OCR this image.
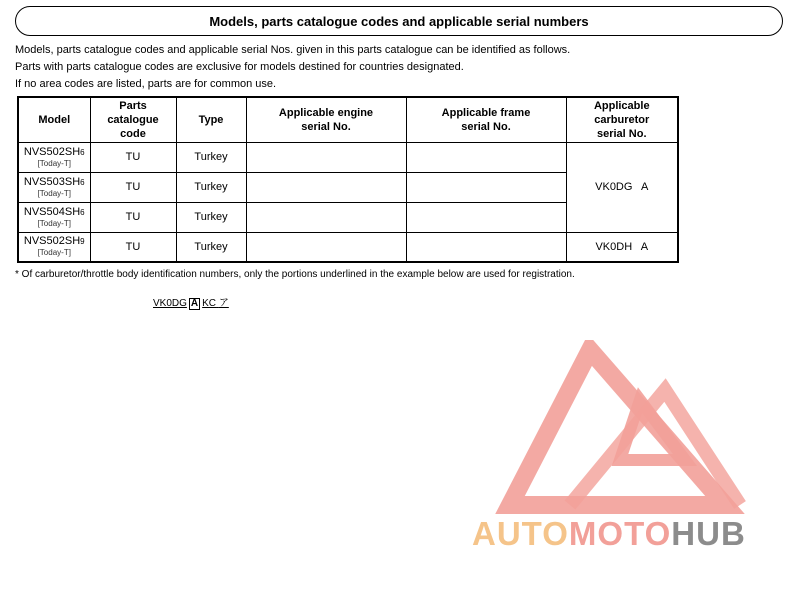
Models, parts catalogue codes and applicable serial numbers
Models, parts catalogue codes and applicable serial Nos. given in this parts catalogue can be identified as follows.
Parts with parts catalogue codes are exclusive for models destined for countries designated.
If no area codes are listed, parts are for common use.
Model	Parts catalogue code	Type	Applicable engine serial No.	Applicable frame serial No.	Applicable carburetor serial No.

NVS502SH6
[Today-T]	TU	Turkey			VK0DG   A

NVS503SH6
[Today-T]	TU	Turkey			

NVS504SH6
[Today-T]	TU	Turkey			

NVS502SH9
[Today-T]	TU	Turkey			VK0DH   A
* Of carburetor/throttle body identification numbers, only the portions underlined in the example below are used for registration.
VK0DG A KC ア
AUTOMOTOHUB
